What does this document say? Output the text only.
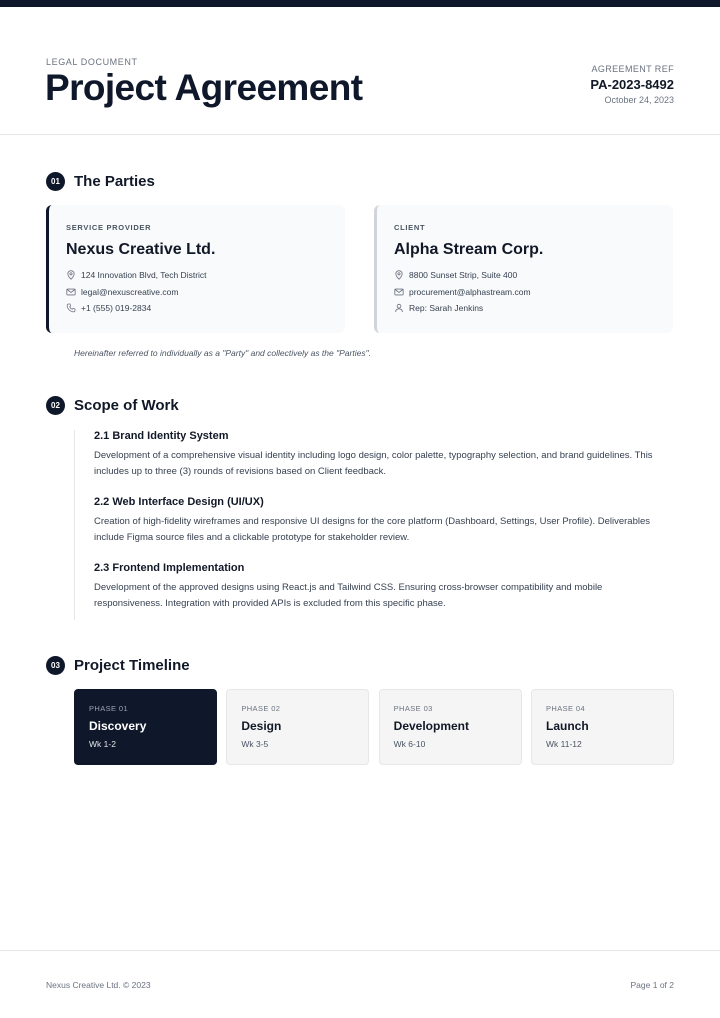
LEGAL DOCUMENT
Project Agreement	AGREEMENT REF
PA-2023-8492
October 24, 2023
01 The Parties
SERVICE PROVIDER
Nexus Creative Ltd.
124 Innovation Blvd, Tech District
legal@nexuscreative.com
+1 (555) 019-2834
CLIENT
Alpha Stream Corp.
8800 Sunset Strip, Suite 400
procurement@alphastream.com
Rep: Sarah Jenkins
Hereinafter referred to individually as a "Party" and collectively as the "Parties".
02 Scope of Work
2.1 Brand Identity System
Development of a comprehensive visual identity including logo design, color palette, typography selection, and brand guidelines. This includes up to three (3) rounds of revisions based on Client feedback.
2.2 Web Interface Design (UI/UX)
Creation of high-fidelity wireframes and responsive UI designs for the core platform (Dashboard, Settings, User Profile). Deliverables include Figma source files and a clickable prototype for stakeholder review.
2.3 Frontend Implementation
Development of the approved designs using React.js and Tailwind CSS. Ensuring cross-browser compatibility and mobile responsiveness. Integration with provided APIs is excluded from this specific phase.
03 Project Timeline
PHASE 01
Discovery
Wk 1-2
PHASE 02
Design
Wk 3-5
PHASE 03
Development
Wk 6-10
PHASE 04
Launch
Wk 11-12
Nexus Creative Ltd. © 2023	Page 1 of 2
